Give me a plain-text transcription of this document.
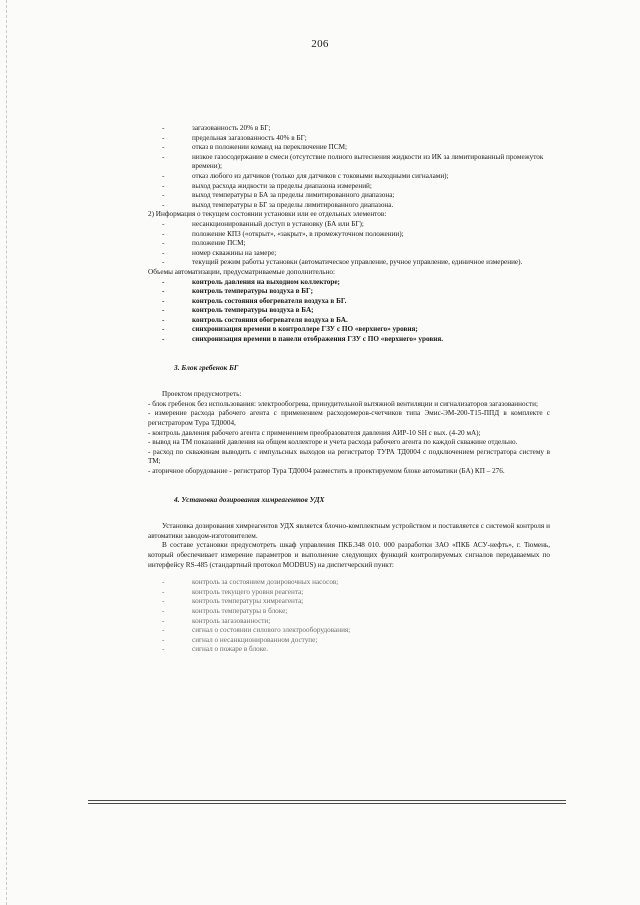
206
-	загазованность 20% в БГ;
-	предельная загазованность 40% в БГ;
-	отказ в положении команд на переключение ПСМ;
-	низкое газосодержание в смеси (отсутствие полного вытеснения жидкости из ИК за лимитированный промежуток времени);
-	отказ любого из датчиков (только для датчиков с токовыми выходными сигналами);
-	выход расхода жидкости за пределы диапазона измерений;
-	выход температуры в БА за пределы лимитированного диапазона;
-	выход температуры в БГ за пределы лимитированного диапазона.
2) Информация о текущем состоянии установки или ее отдельных элементов:
-	несанкционированный доступ в установку (БА или БГ);
-	положение КПЗ («открыт», «закрыт», в промежуточном положении);
-	положение ПСМ;
-	номер скважины на замере;
-	текущий режим работы установки (автоматическое управление, ручное управление, единичное измерение).
Объемы автоматизации, предусматриваемые дополнительно:
-	контроль давления на выходном коллекторе;
-	контроль температуры воздуха в БГ;
-	контроль состояния обогревателя воздуха в БГ.
-	контроль температуры воздуха в БА;
-	контроль состояния обогревателя воздуха в БА.
-	синхронизация времени в контроллере ГЗУ с ПО «верхнего» уровня;
-	синхронизация времени в панели отображения ГЗУ с ПО «верхнего» уровня.
3. Блок гребенок БГ
Проектом предусмотреть:
- блок гребенок без использования: электрообогрева, принудительной вытяжной вентиляции и сигнализаторов загазованности;
- измерение расхода рабочего агента с применением расходомеров-счетчиков типа Эмис-ЭМ-200-Т15-ППД в комплекте с регистратором Тура ТД0004,
- контроль давления рабочего агента с применением преобразователя давления АИР-10 SH с вых. (4-20 мА);
- вывод на ТМ показаний давления на общем коллекторе и учета расхода рабочего агента по каждой скважине отдельно.
- расход по скважинам выводить с импульсных выходов на регистратор ТУРА ТД0004 с подключением регистратора систему в ТМ;
- аторичное оборудование - регистратор Тура ТД0004 разместить в проектируемом блоке автоматики (БА) КП – 276.
4. Установка дозирования химреагентов УДХ
Установка дозирования химреагентов УДХ является блочно-комплектным устройством и поставляется с системой контроля и автоматики заводом-изготовителем.
В составе установки предусмотреть шкаф управления ПКБ.348 010. 000 разработки ЗАО «ПКБ АСУ-нефть», г. Тюмень, который обеспечивает измерение параметров и выполнение следующих функций контролируемых сигналов передаваемых по интерфейсу RS-485 (стандартный протокол MODBUS) на диспетчерский пункт:
-	контроль за состоянием дозировочных насосов;
-	контроль текущего уровня реагента;
-	контроль температуры химреагента;
-	контроль температуры в блоке;
-	контроль загазованности;
-	сигнал о состоянии силового электрооборудования;
-	сигнал о несанкционированном доступе;
-	сигнал о пожаре в блоке.
